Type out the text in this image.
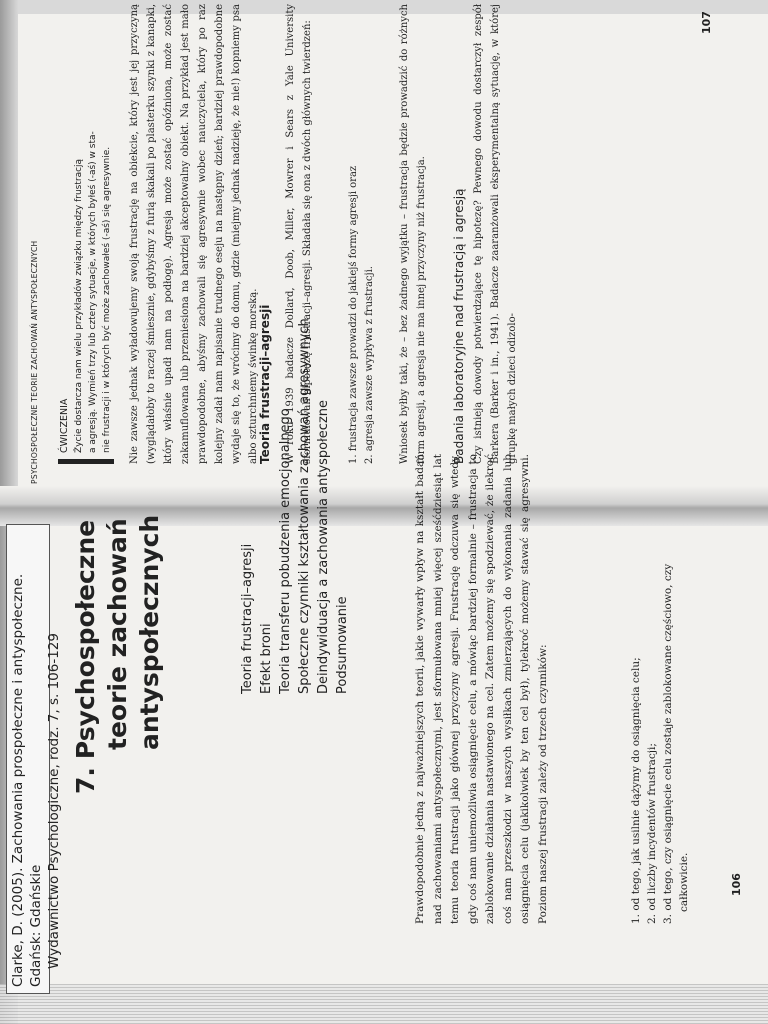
Clarke, D. (2005). Zachowania prospołeczne i antyspołeczne. Gdańsk: Gdańskie Wydawnictwo Psychologiczne, rodz. 7, s. 106-129 7.Psychospołeczne teorie zachowań antyspołecznych	Teoria frustracji–agresji Efekt broni Teoria transferu pobudzenia emocjonalnego Społeczne czynniki kształtowania zachowań agresywnych Deindywiduacja a zachowania antyspołeczne Podsumowanie	Prawdopodobnie jedną z najważniejszych teorii, jakie wywarły wpływ na kształt badań nad zachowaniami antyspołecznymi, jest sformułowana mniej więcej sześćdziesiąt lat temu teoria frustracji jako głównej przyczyny agresji. Frustrację odczuwa się wtedy, gdy coś nam uniemożliwia osiągnięcie celu, a mówiąc bardziej formalnie – frustracja to zablokowanie działania nastawionego na cel. Zatem możemy się spodziewać, że ilekroć coś nam przeszkodzi w naszych wysiłkach zmierzających do wykonania zadania lub osiągnięcia celu (jakikolwiek by ten cel był), tylekroć możemy stawać się agresywni. Poziom naszej frustracji zależy od trzech czynników:	1. od tego, jak usilnie dążymy do osiągnięcia celu; 2. od liczby incydentów frustracji; 3. od tego, czy osiągnięcie celu zostaje zablokowane częściowo, czy całkowicie.	106
PSYCHOSPOŁECZNE TEORIE ZACHOWAŃ ANTYSPOŁECZNYCH ĆWICZENIA Życie dostarcza nam wielu przykładów związku między frustracją a agresją. Wymień trzy lub cztery sytuacje, w których byłeś (-aś) w sta- nie frustracji i w których być może zachowałeś (-aś) się agresywnie.	Nie zawsze jednak wyładowujemy swoją frustrację na obiekcie, który jest jej przyczyną (wyglądałoby to raczej śmiesznie, gdybyśmy z furią skakali po plasterku szynki z kanapki, który właśnie upadł nam na podłogę). Agresja może zostać opóźniona, może zostać zakamuflowana lub przeniesiona na bardziej akceptowalny obiekt. Na przykład jest mało prawdopodobne, abyśmy zachowali się agresywnie wobec nauczyciela, który po raz kolejny zadał nam napisanie trudnego eseju na następny dzień; bardziej prawdopodobne wydaje się to, że wrócimy do domu, gdzie (miejmy jednak nadzieję, że nie!) kopniemy psa albo szturchniemy świnkę morską. Teoria frustracji–agresji	W roku 1939 badacze Dollard, Doob, Miller, Mowrer i Sears z Yale University sformułowali hipotezę frustracji–agresji. Składała się ona z dwóch głównych twierdzeń:	1. frustracja zawsze prowadzi do jakiejś formy agresji oraz 2. agresja zawsze wypływa z frustracji.	Wniosek byłby taki, że – bez żadnego wyjątku – frustracja będzie prowadzić do różnych form agresji, a agresja nie ma innej przyczyny niż frustracja. Badania laboratoryjne nad frustracją i agresją Czy istnieją dowody potwierdzające tę hipotezę? Pewnego dowodu dostarczył zespół Barkera (Barker i in., 1941). Badacze zaaranżowali eksperymentalną sytuację, w której grupkę małych dzieci odizolo-
107
